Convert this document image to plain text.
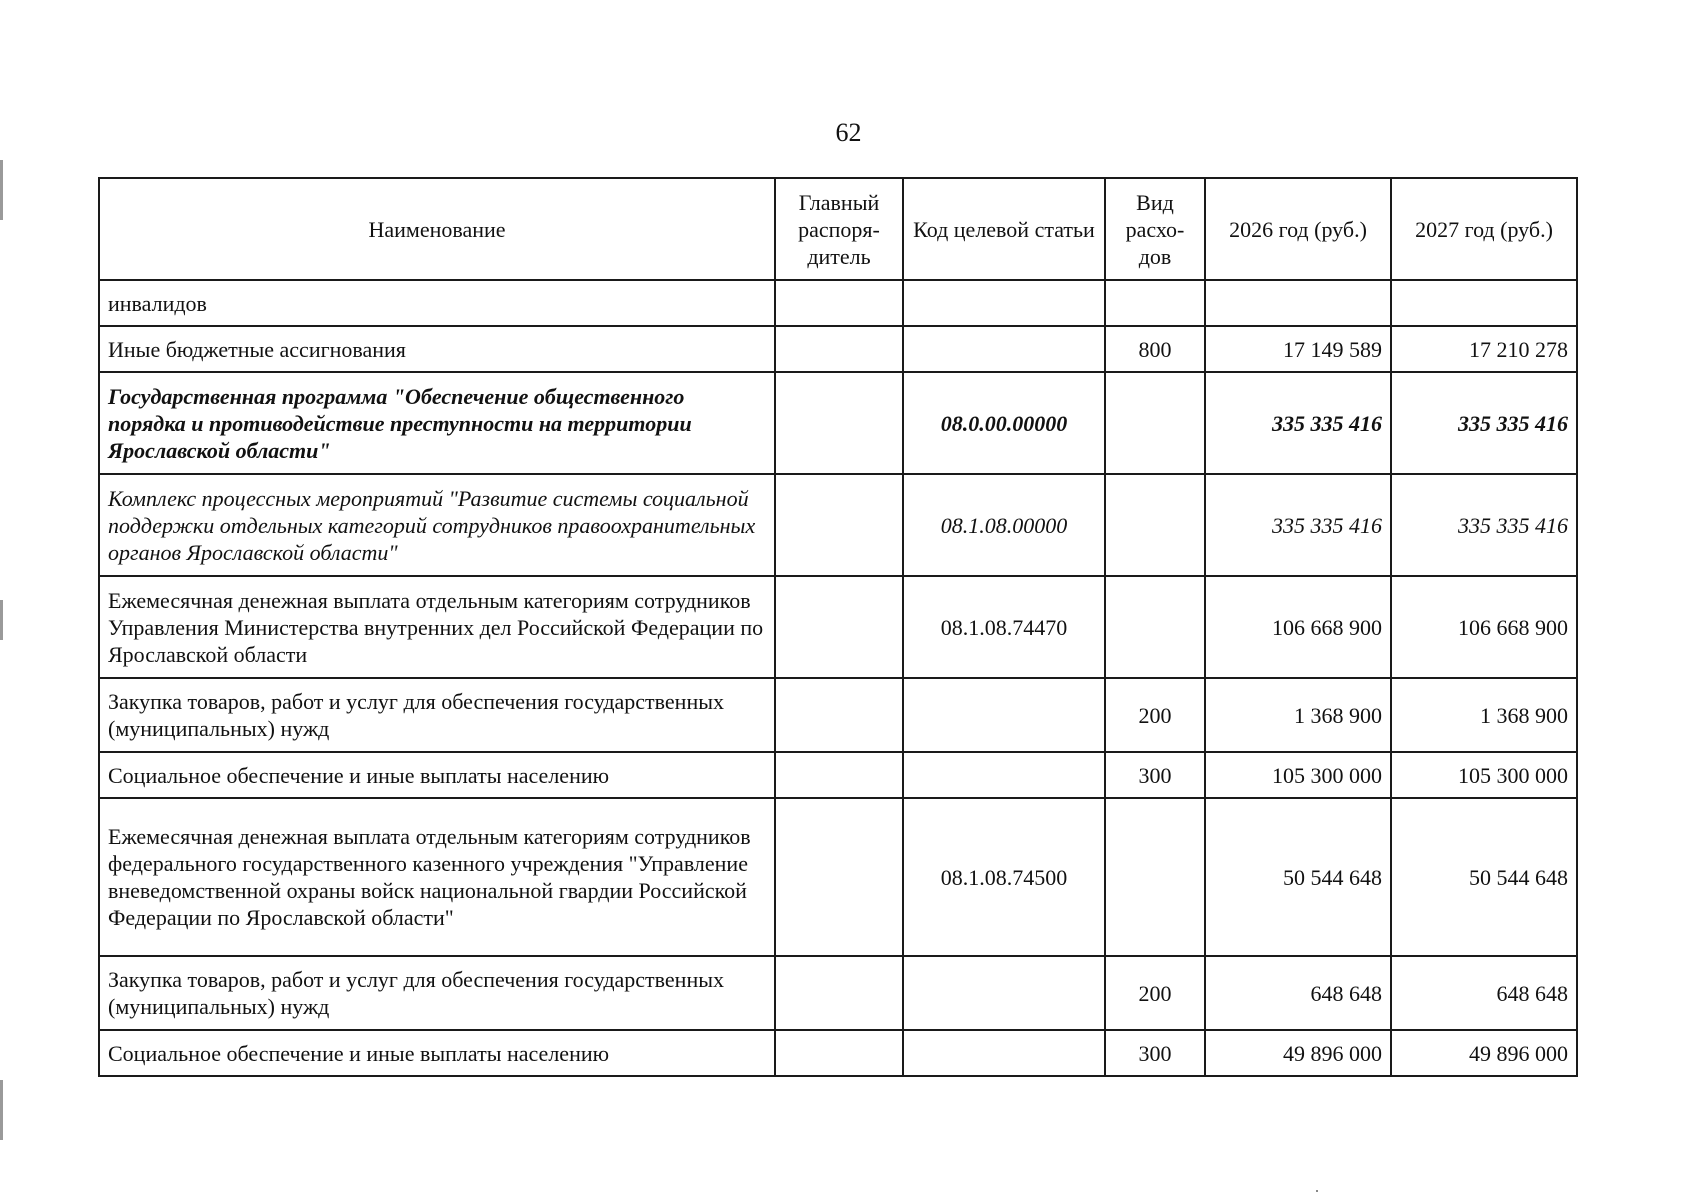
62
Наименование	Главный распоря-дитель	Код целевой статьи	Вид расхо-дов	2026 год (руб.)	2027 год (руб.)
инвалидов					
Иные бюджетные ассигнования			800	17 149 589	17 210 278
Государственная программа "Обеспечение общественного порядка и противодействие преступности на территории Ярославской области"		08.0.00.00000		335 335 416	335 335 416
Комплекс процессных мероприятий "Развитие системы социальной поддержки отдельных категорий сотрудников правоохранительных органов Ярославской области"		08.1.08.00000		335 335 416	335 335 416
Ежемесячная денежная выплата отдельным категориям сотрудников Управления Министерства внутренних дел Российской Федерации по Ярославской области		08.1.08.74470		106 668 900	106 668 900
Закупка товаров, работ и услуг для обеспечения государственных (муниципальных) нужд			200	1 368 900	1 368 900
Социальное обеспечение и иные выплаты населению			300	105 300 000	105 300 000
Ежемесячная денежная выплата отдельным категориям сотрудников федерального государственного казенного учреждения "Управление вневедомственной охраны войск национальной гвардии Российской Федерации по Ярославской области"		08.1.08.74500		50 544 648	50 544 648
Закупка товаров, работ и услуг для обеспечения государственных (муниципальных) нужд			200	648 648	648 648
Социальное обеспечение и иные выплаты населению			300	49 896 000	49 896 000
